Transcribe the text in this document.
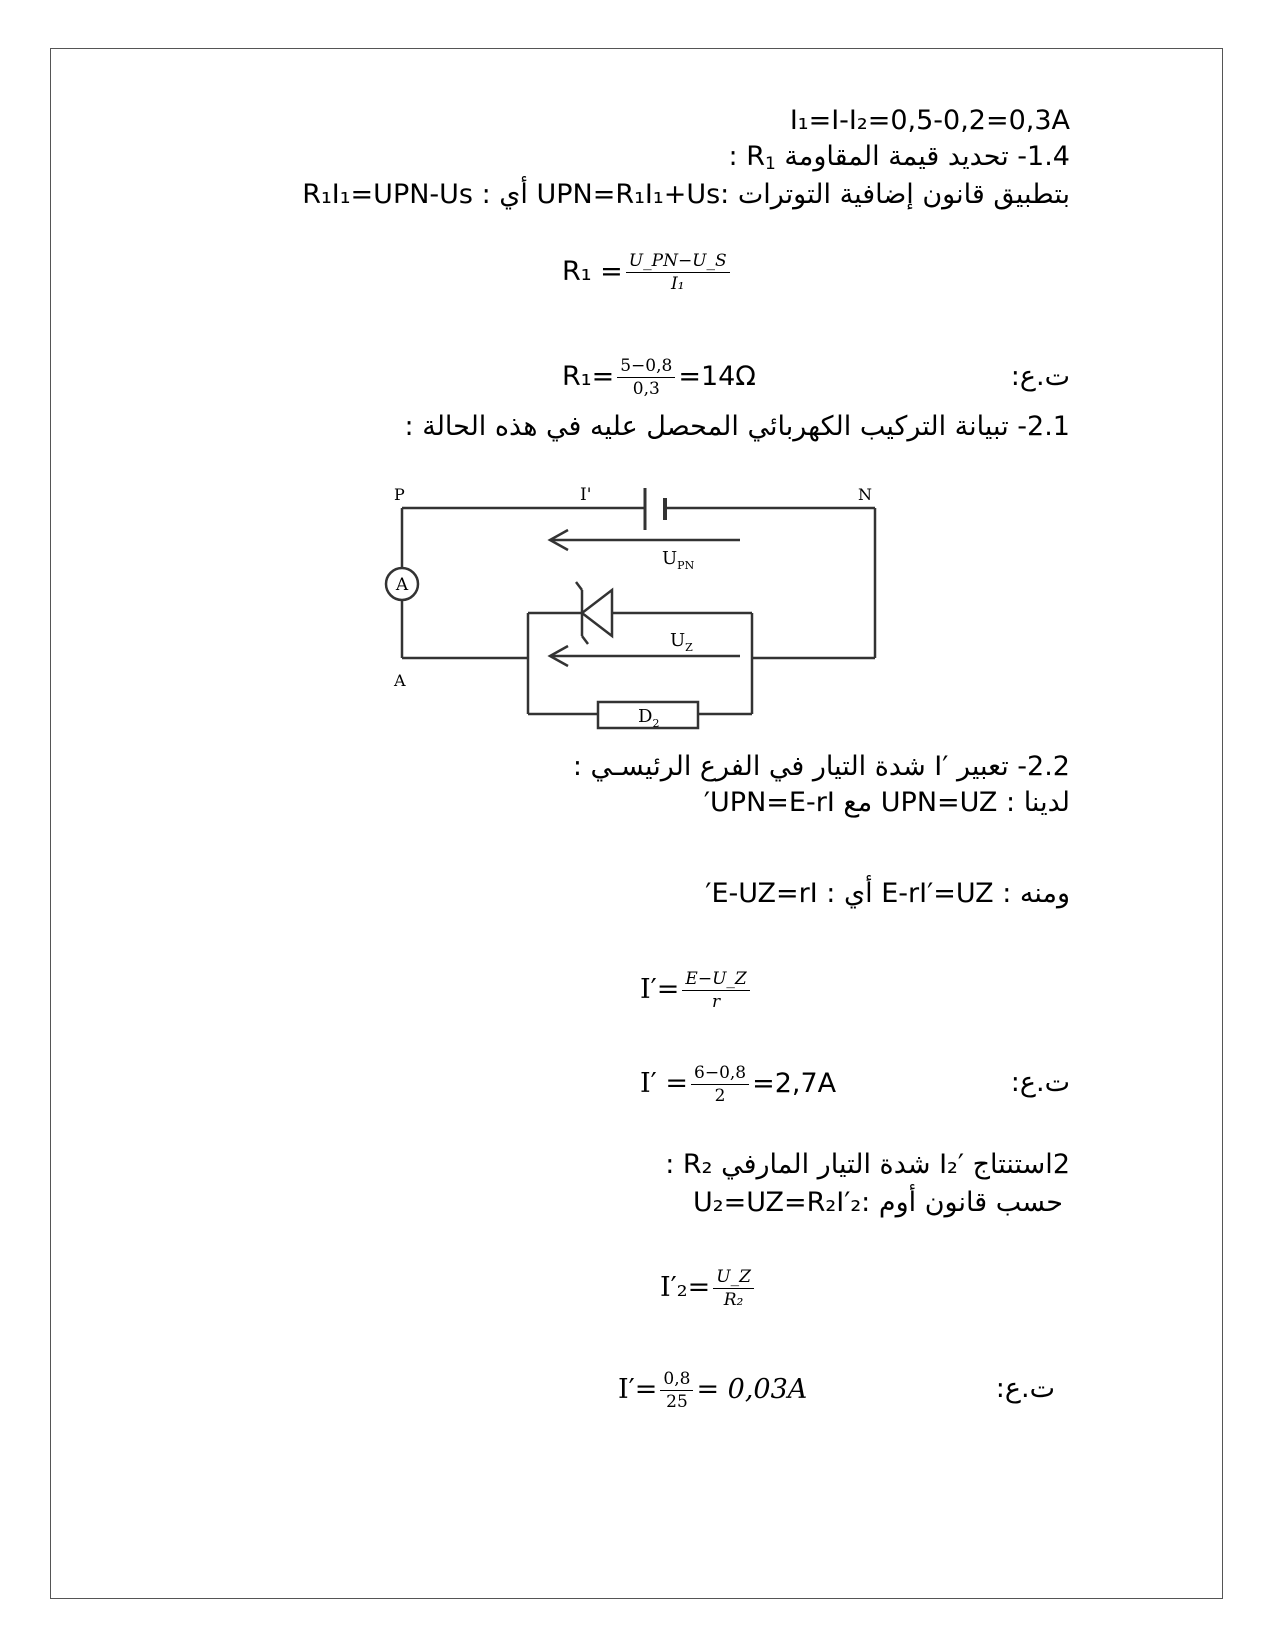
I₁=I-I₂=0,5-0,2=0,3A
1.4- تحديد قيمة المقاومة $R_1$ :
بتطبيق قانون إضافية التوترات :UPN=R₁I₁+Us أي : R₁I₁=UPN-Us
$R_1 = \frac{U\_PN-U\_S}{\text{I₁}}$
$R_1= \frac{5-0,8}{0,3} =14\Omega$	ت.ع:
2.1- تبيانة التركيب الكهربائي المحصل عليه في هذه الحالة :
A
P	N
A
I'
$U_{PN}$
$U_Z$
$D_2$
2.2- تعبير ′I شدة التيار في الفرع الرئيسـي :
لدينا : UPN=UZ مع UPN=E-rI′
ومنه : E-rI′=UZ أي : E-UZ=rI′
$I'= \frac{E-U\_Z}{r}$
$I' = \frac{6-0,8}{2} =2,7A$	ت.ع:
2استنتاج ′I₂ شدة التيار المارفي R₂ :
حسب قانون أوم :U₂=UZ=R₂I′₂
$I'_2= \frac{U\_Z}{\text{R₂}}$
$I'= \frac{0,8}{25} = 0,03A$	ت.ع:
